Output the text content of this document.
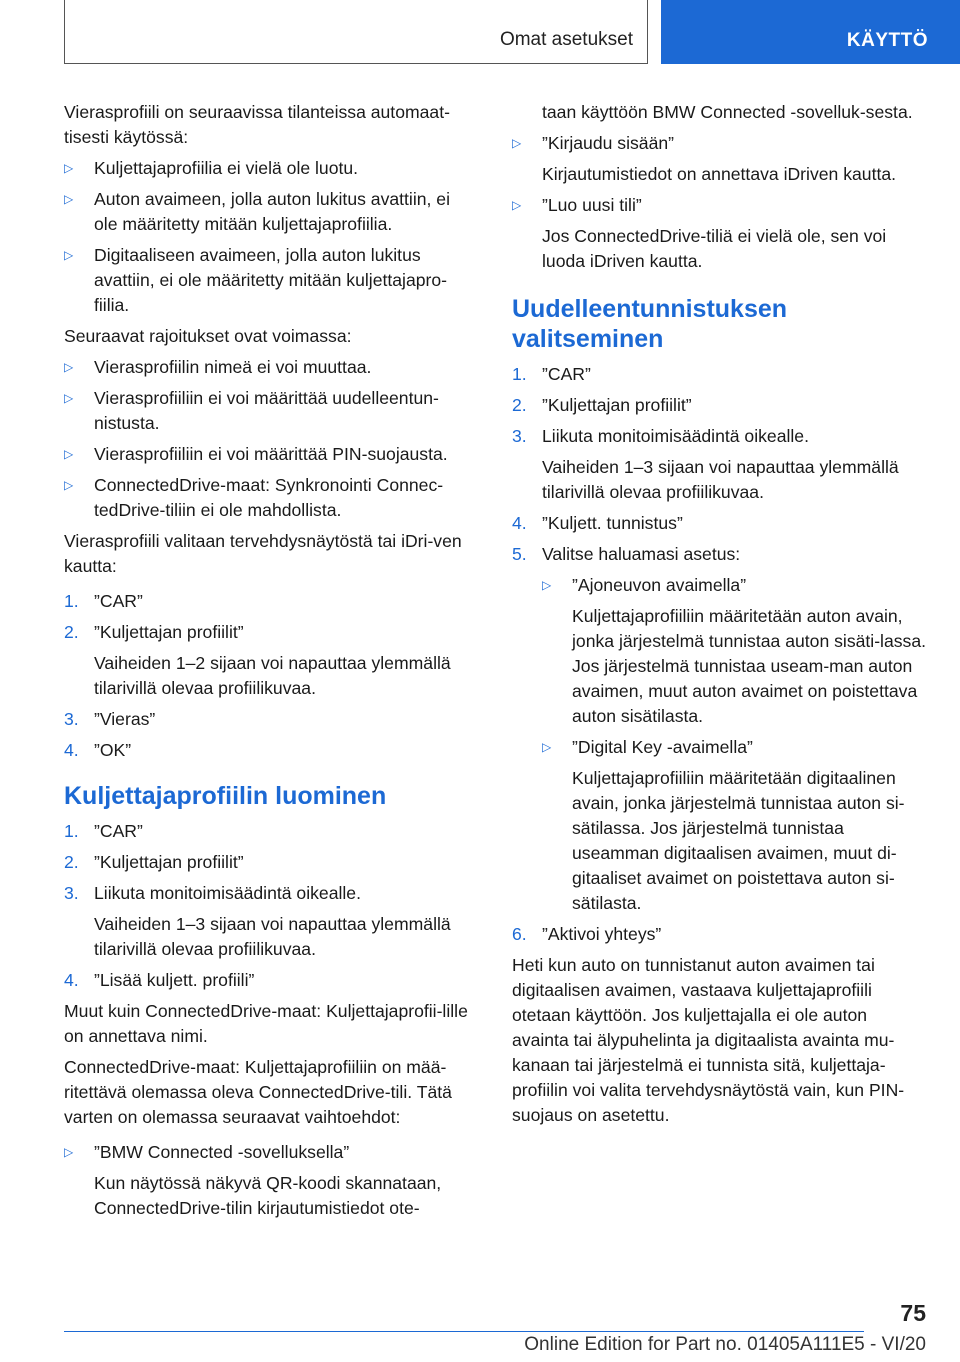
Omat asetukset	KÄYTTÖ

Vierasprofiili on seuraavissa tilanteissa automaat-tisesti käytössä:

▷ Kuljettajaprofiilia ei vielä ole luotu.
▷ Auton avaimeen, jolla auton lukitus avattiin, ei ole määritetty mitään kuljettajaprofiilia.
▷ Digitaaliseen avaimeen, jolla auton lukitus avattiin, ei ole määritetty mitään kuljettajapro-fiilia.

Seuraavat rajoitukset ovat voimassa:

▷ Vierasprofiilin nimeä ei voi muuttaa.
▷ Vierasprofiiliin ei voi määrittää uudelleentun-nistusta.
▷ Vierasprofiiliin ei voi määrittää PIN-suojausta.
▷ ConnectedDrive-maat: Synkronointi Connec-tedDrive-tiliin ei ole mahdollista.

Vierasprofiili valitaan tervehdysnäytöstä tai iDri-ven kautta:

1. ”CAR”
2. ”Kuljettajan profiilit”
Vaiheiden 1–2 sijaan voi napauttaa ylemmällä tilarivillä olevaa profiilikuvaa.
3. ”Vieras”
4. ”OK”
Kuljettajaprofiilin luominen
1. ”CAR”
2. ”Kuljettajan profiilit”
3. Liikuta monitoimisäädintä oikealle.
Vaiheiden 1–3 sijaan voi napauttaa ylemmällä tilarivillä olevaa profiilikuvaa.
4. ”Lisää kuljett. profiili”

Muut kuin ConnectedDrive-maat: Kuljettajaprofii-lille on annettava nimi.

ConnectedDrive-maat: Kuljettajaprofiiliin on mää-ritettävä olemassa oleva ConnectedDrive-tili. Tätä varten on olemassa seuraavat vaihtoehdot:

▷ ”BMW Connected -sovelluksella”
Kun näytössä näkyvä QR-koodi skannataan, ConnectedDrive-tilin kirjautumistiedot ote-
taan käyttöön BMW Connected -sovelluk-sesta.
▷ ”Kirjaudu sisään”
Kirjautumistiedot on annettava iDriven kautta.
▷ ”Luo uusi tili”
Jos ConnectedDrive-tiliä ei vielä ole, sen voi luoda iDriven kautta.
Uudelleentunnistuksen valitseminen
1. ”CAR”
2. ”Kuljettajan profiilit”
3. Liikuta monitoimisäädintä oikealle.
Vaiheiden 1–3 sijaan voi napauttaa ylemmällä tilarivillä olevaa profiilikuvaa.
4. ”Kuljett. tunnistus”
5. Valitse haluamasi asetus:
▷ ”Ajoneuvon avaimella”
Kuljettajaprofiiliin määritetään auton avain, jonka järjestelmä tunnistaa auton sisäti-lassa. Jos järjestelmä tunnistaa useam-man auton avaimen, muut auton avaimet on poistettava auton sisätilasta.
▷ ”Digital Key -avaimella”
Kuljettajaprofiiliin määritetään digitaalinen avain, jonka järjestelmä tunnistaa auton si-sätilassa. Jos järjestelmä tunnistaa useamman digitaalisen avaimen, muut di-gitaaliset avaimet on poistettava auton si-sätilasta.
6. ”Aktivoi yhteys”

Heti kun auto on tunnistanut auton avaimen tai digitaalisen avaimen, vastaava kuljettajaprofiili otetaan käyttöön. Jos kuljettajalla ei ole auton avainta tai älypuhelinta ja digitaalista avainta mu-kanaan tai järjestelmä ei tunnista sitä, kuljettaja-profiilin voi valita tervehdysnäytöstä vain, kun PIN-suojaus on asetettu.

75
Online Edition for Part no. 01405A111E5 - VI/20
